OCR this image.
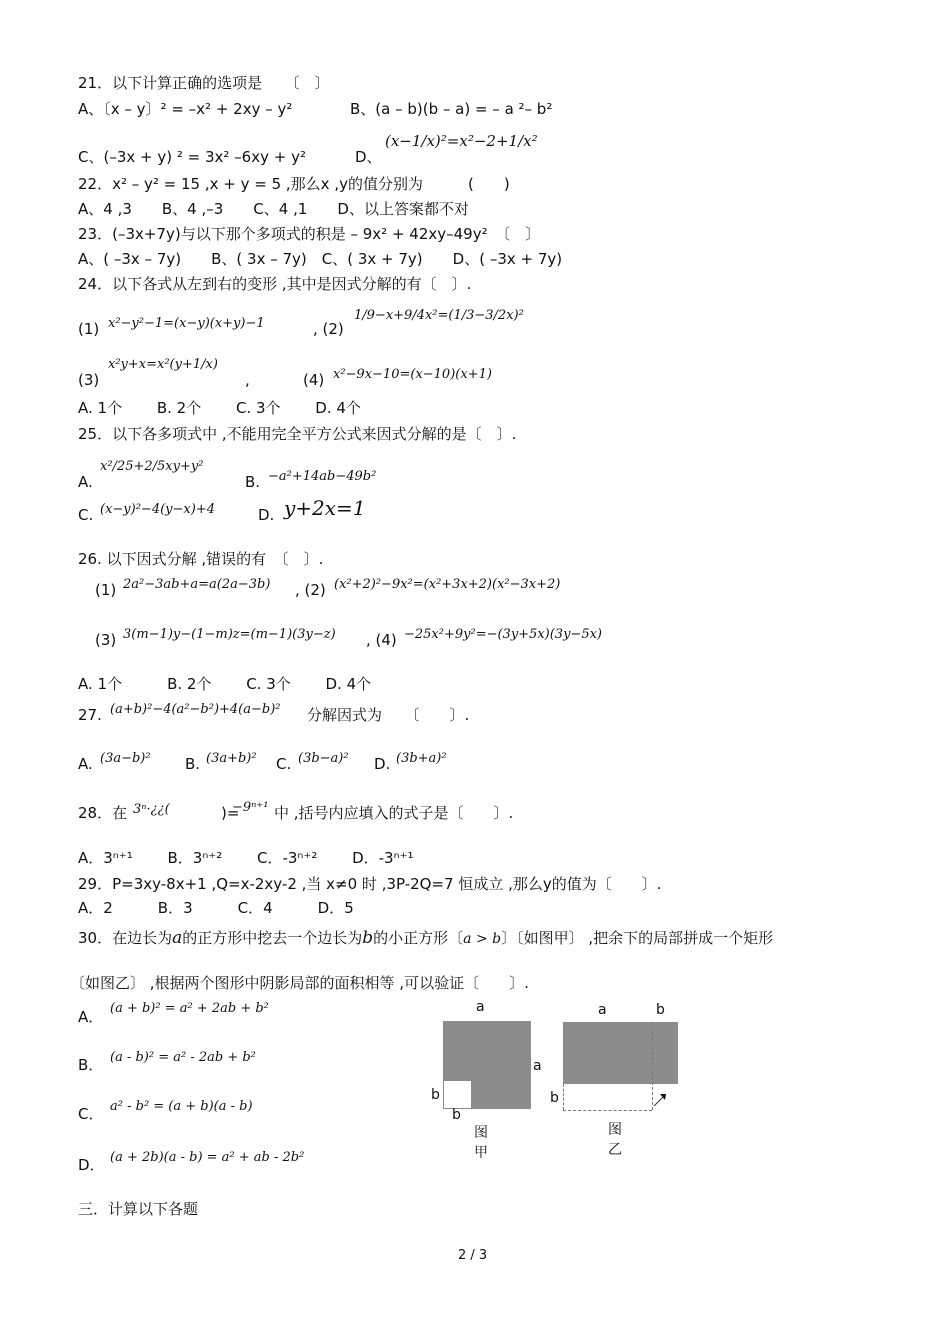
21．以下计算正确的选项是　　〔　〕
A、〔x – y〕² = –x² + 2xy – y²	B、(a – b)(b – a) = – a ²– b²
C、(–3x + y) ² = 3x² –6xy + y²	D、
(x−1/x)²=x²−2+1/x²
22．x² – y² = 15 ,x + y = 5 ,那么x ,y的值分别为　　　(　　)
A、4 ,3　　B、4 ,–3　　C、4 ,1　　D、以上答案都不对
23．(–3x+7y)与以下那个多项式的积是 – 9x² + 42xy–49y²　〔　〕
A、( –3x – 7y)　　B、( 3x – 7y)　C、( 3x + 7y)　　D、( –3x + 7y)
24．以下各式从左到右的变形 ,其中是因式分解的有〔　〕.
(1) x²−y²−1=(x−y)(x+y)−1	, (2)
1/9−x+9/4x²=(1/3−3/2x)²
(3)
x²y+x=x²(y+1/x)
,	(4) x²−9x−10=(x−10)(x+1)
A. 1个　　 B. 2个　　 C. 3个　　 D. 4个
25．以下各多项式中 ,不能用完全平方公式来因式分解的是〔　〕.
A.
x²/25+2/5xy+y²
B. −a²+14ab−49b²
C. (x−y)²−4(y−x)+4	D. y+2x=1
26. 以下因式分解 ,错误的有　〔　〕.
(1) 2a²−3ab+a=a(2a−3b) , (2) (x²+2)²−9x²=(x²+3x+2)(x²−3x+2)
(3) 3(m−1)y−(1−m)z=(m−1)(3y−z) , (4) −25x²+9y²=−(3y+5x)(3y−5x)
A. 1个　　　B. 2个　　 C. 3个　　 D. 4个
27. (a+b)²−4(a²−b²)+4(a−b)² 分解因式为　　〔　　〕.
A. (3a−b)² B. (3a+b)² C. (3b−a)² D. (3b+a)²
28．在 3ⁿ·¿¿( 　　　)=
−9ⁿ⁺¹ 中 ,括号内应填入的式子是〔　　〕.
A．3ⁿ⁺¹　　 B．3ⁿ⁺²　　 C．-3ⁿ⁺²　　 D．-3ⁿ⁺¹
29．P=3xy-8x+1 ,Q=x-2xy-2 ,当 x≠0 时 ,3P-2Q=7 恒成立 ,那么y的值为〔　　〕.
A．2　　　B．3　　　C．4　　　D．5
30．在边长为a的正方形中挖去一个边长为b的小正方形〔a > b〕〔如图甲〕 ,把余下的局部拼成一个矩形
〔如图乙〕 ,根据两个图形中阴影局部的面积相等 ,可以验证〔　　〕.
A． (a + b)² = a² + 2ab + b²
B． (a - b)² = a² - 2ab + b²
C． a² - b² = (a + b)(a - b)
D． (a + 2b)(a - b) = a² + ab - 2b²
a
a
b
b
图甲
a	b
b
图乙
三．计算以下各题
2 / 3
